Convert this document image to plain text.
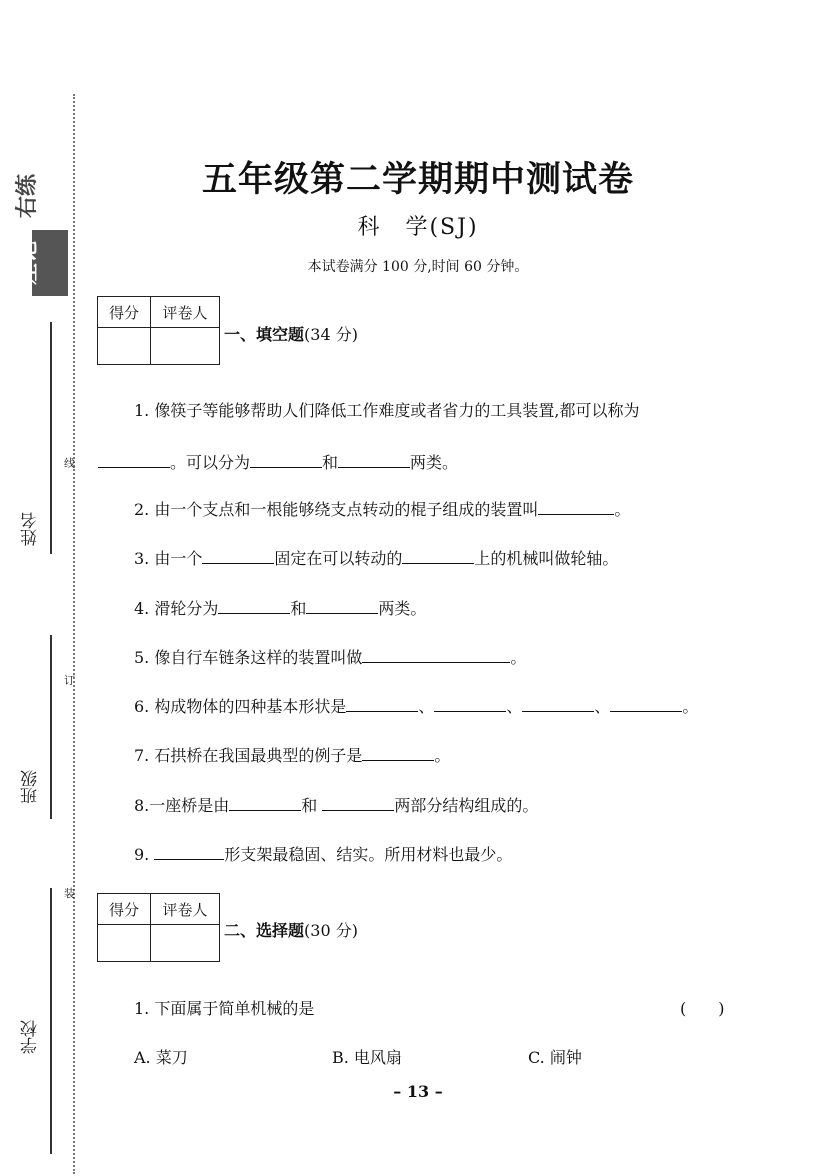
左记
右练
线
订
装
姓名
班级
学校
五年级第二学期期中测试卷
科　学(SJ)
本试卷满分 100 分,时间 60 分钟。
得分	评卷人

一、填空题(34 分)
1. 像筷子等能够帮助人们降低工作难度或者省力的工具装置,都可以称为
。可以分为	和	两类。
2. 由一个支点和一根能够绕支点转动的棍子组成的装置叫	。
3. 由一个	固定在可以转动的	上的机械叫做轮轴。
4. 滑轮分为	和	两类。
5. 像自行车链条这样的装置叫做	。
6. 构成物体的四种基本形状是	、	、	、	。
7. 石拱桥在我国最典型的例子是	。
8.一座桥是由	和	两部分结构组成的。
9.	形支架最稳固、结实。所用材料也最少。
得分	评卷人

二、选择题(30 分)
1. 下面属于简单机械的是	(　　)
A. 菜刀	B. 电风扇	C. 闹钟
– 13 –
